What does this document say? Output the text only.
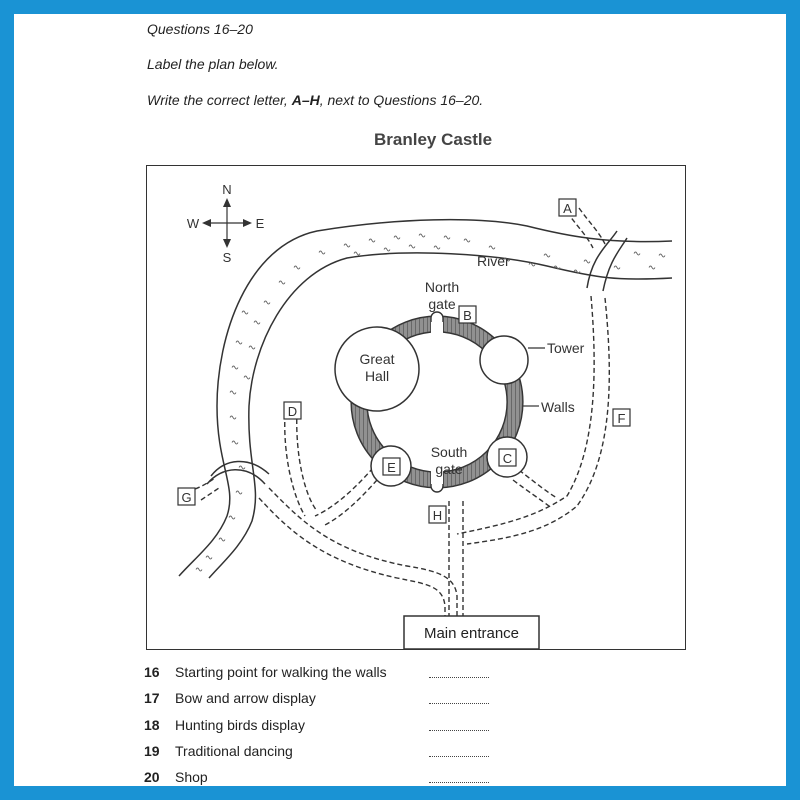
Questions 16–20
Label the plan below.
Write the correct letter, A–H, next to Questions 16–20.
Branley Castle
N
S
W	E
River
Great
Hall
North
gate
Tower
Walls
South
gate
A
B
C
D
E
F
G
H
Main entrance
16 Starting point for walking the walls
17 Bow and arrow display
18 Hunting birds display
19 Traditional dancing
20 Shop
